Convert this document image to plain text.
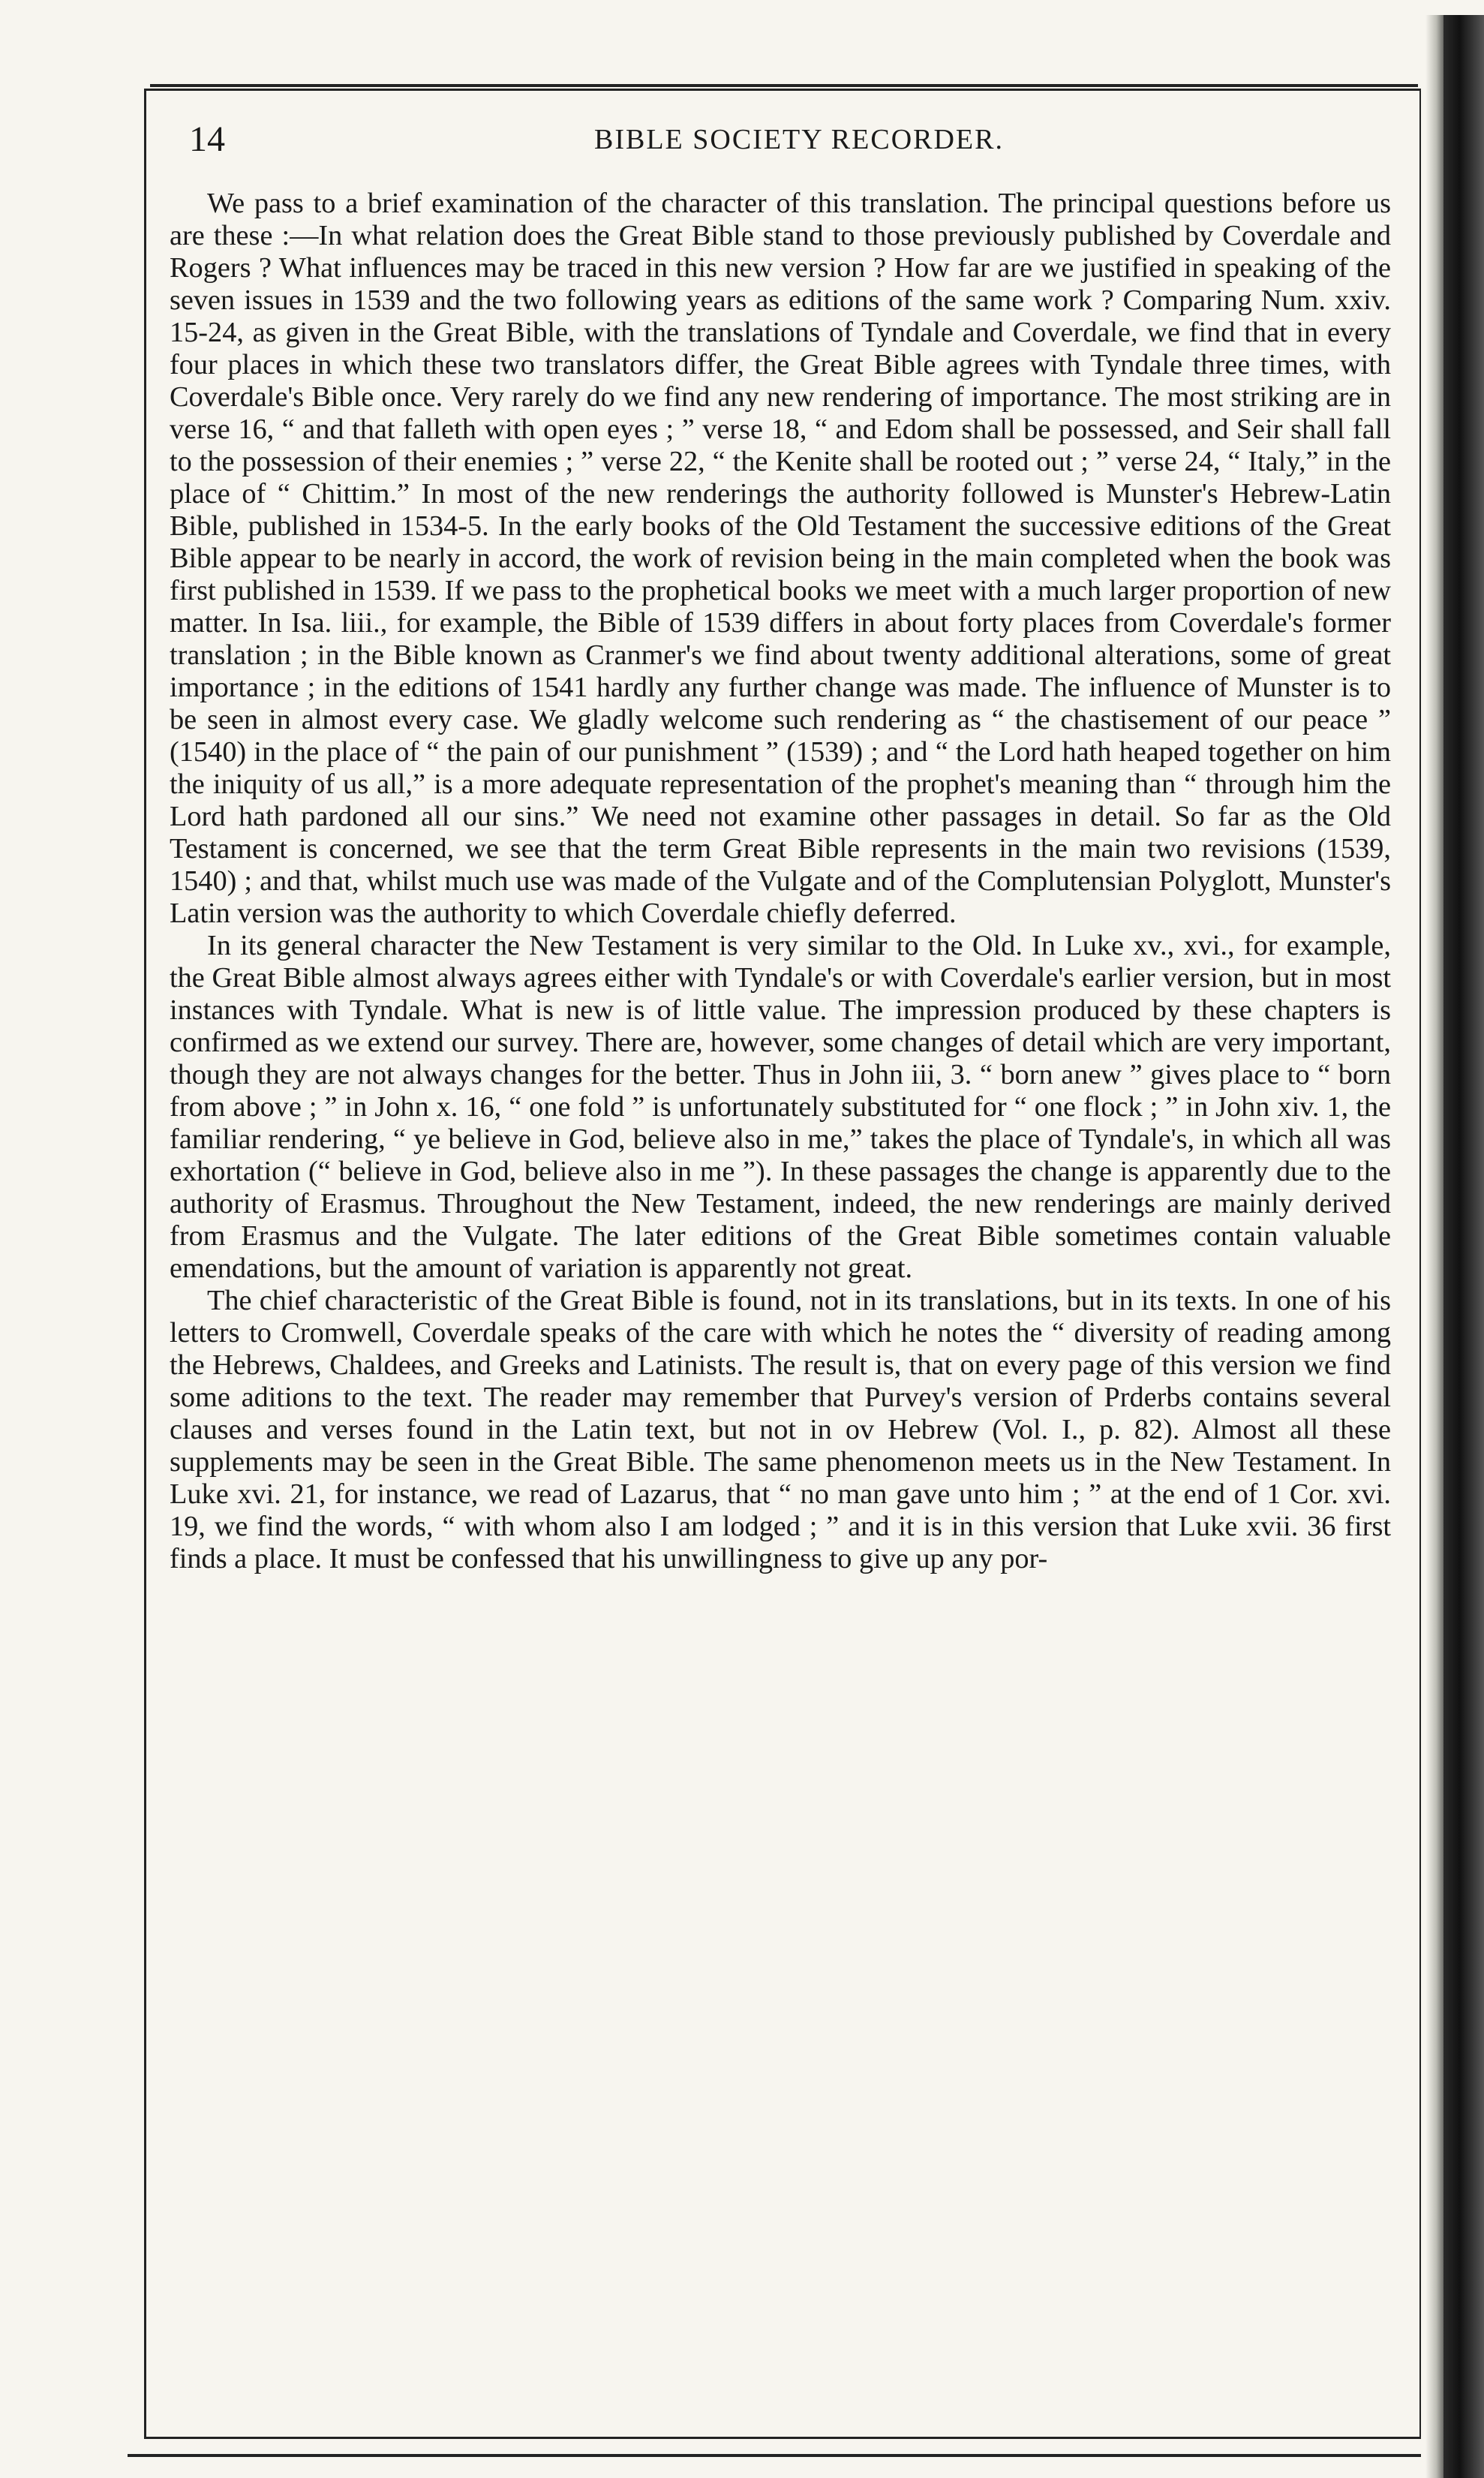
14	BIBLE SOCIETY RECORDER.

We pass to a brief examination of the character of this translation. The principal questions before us are these :—In what relation does the Great Bible stand to those previously published by Coverdale and Rogers ? What influences may be traced in this new version ? How far are we justified in speaking of the seven issues in 1539 and the two following years as editions of the same work ? Comparing Num. xxiv. 15-24, as given in the Great Bible, with the translations of Tyndale and Coverdale, we find that in every four places in which these two translators differ, the Great Bible agrees with Tyndale three times, with Coverdale's Bible once. Very rarely do we find any new rendering of importance. The most striking are in verse 16, “ and that falleth with open eyes ; ” verse 18, “ and Edom shall be possessed, and Seir shall fall to the possession of their enemies ; ” verse 22, “ the Kenite shall be rooted out ; ” verse 24, “ Italy,” in the place of “ Chittim.” In most of the new renderings the authority followed is Munster's Hebrew-Latin Bible, published in 1534-5. In the early books of the Old Testament the successive editions of the Great Bible appear to be nearly in accord, the work of revision being in the main completed when the book was first published in 1539. If we pass to the prophetical books we meet with a much larger proportion of new matter. In Isa. liii., for example, the Bible of 1539 differs in about forty places from Coverdale's former translation ; in the Bible known as Cranmer's we find about twenty additional alterations, some of great importance ; in the editions of 1541 hardly any further change was made. The influence of Munster is to be seen in almost every case. We gladly welcome such rendering as “ the chastisement of our peace ” (1540) in the place of “ the pain of our punishment ” (1539) ; and “ the Lord hath heaped together on him the iniquity of us all,” is a more adequate representation of the prophet's meaning than “ through him the Lord hath pardoned all our sins.” We need not examine other passages in detail. So far as the Old Testament is concerned, we see that the term Great Bible represents in the main two revisions (1539, 1540) ; and that, whilst much use was made of the Vulgate and of the Complutensian Polyglott, Munster's Latin version was the authority to which Coverdale chiefly deferred.

In its general character the New Testament is very similar to the Old. In Luke xv., xvi., for example, the Great Bible almost always agrees either with Tyndale's or with Coverdale's earlier version, but in most instances with Tyndale. What is new is of little value. The impression produced by these chapters is confirmed as we extend our survey. There are, however, some changes of detail which are very important, though they are not always changes for the better. Thus in John iii, 3. “ born anew ” gives place to “ born from above ; ” in John x. 16, “ one fold ” is unfortunately substituted for “ one flock ; ” in John xiv. 1, the familiar rendering, “ ye believe in God, believe also in me,” takes the place of Tyndale's, in which all was exhortation (“ believe in God, believe also in me ”). In these passages the change is apparently due to the authority of Erasmus. Throughout the New Testament, indeed, the new renderings are mainly derived from Erasmus and the Vulgate. The later editions of the Great Bible sometimes contain valuable emendations, but the amount of variation is apparently not great.

The chief characteristic of the Great Bible is found, not in its translations, but in its texts. In one of his letters to Cromwell, Coverdale speaks of the care with which he notes the “ diversity of reading among the Hebrews, Chaldees, and Greeks and Latinists. The result is, that on every page of this version we find some aditions to the text. The reader may remember that Purvey's version of Prderbs contains several clauses and verses found in the Latin text, but not in ov Hebrew (Vol. I., p. 82). Almost all these supplements may be seen in the Great Bible. The same phenomenon meets us in the New Testament. In Luke xvi. 21, for instance, we read of Lazarus, that “ no man gave unto him ; ” at the end of 1 Cor. xvi. 19, we find the words, “ with whom also I am lodged ; ” and it is in this version that Luke xvii. 36 first finds a place. It must be confessed that his unwillingness to give up any por-
